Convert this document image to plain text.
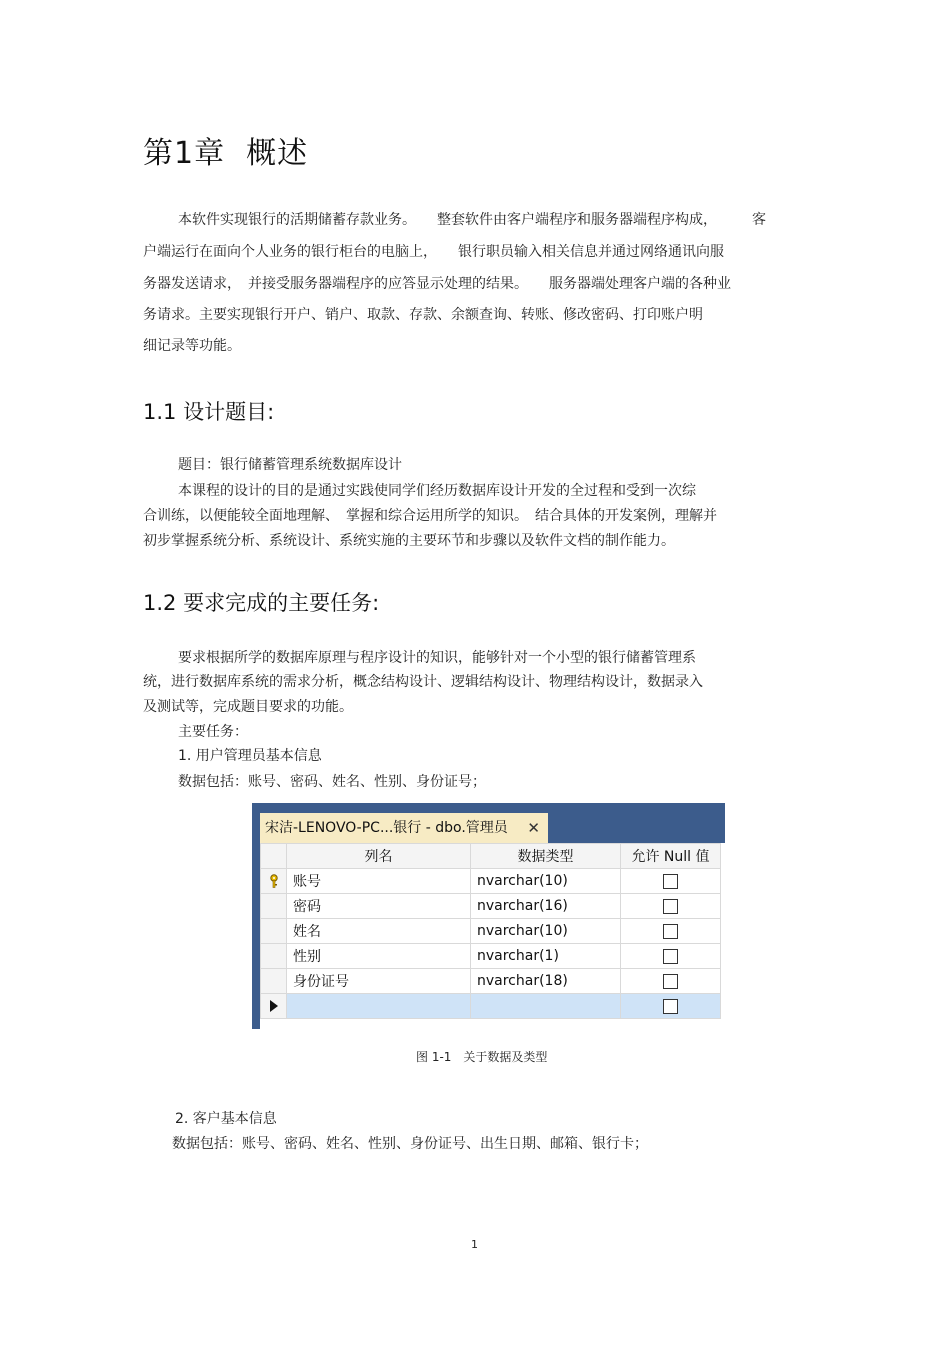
第1章 概述
本软件实现银行的活期储蓄存款业务。　　整套软件由客户端程序和服务器端程序构成，　　　客
户端运行在面向个人业务的银行柜台的电脑上，　　银行职员输入相关信息并通过网络通讯向服
务器发送请求，　并接受服务器端程序的应答显示处理的结果。　　服务器端处理客户端的各种业
务请求。主要实现银行开户、销户、取款、存款、余额查询、转账、修改密码、打印账户明
细记录等功能。
1.1 设计题目:
题目：银行储蓄管理系统数据库设计
本课程的设计的目的是通过实践使同学们经历数据库设计开发的全过程和受到一次综
合训练，以便能较全面地理解、　掌握和综合运用所学的知识。　结合具体的开发案例，理解并
初步掌握系统分析、系统设计、系统实施的主要环节和步骤以及软件文档的制作能力。
1.2 要求完成的主要任务:
要求根据所学的数据库原理与程序设计的知识，能够针对一个小型的银行储蓄管理系
统，进行数据库系统的需求分析，概念结构设计、逻辑结构设计、物理结构设计，数据录入
及测试等，完成题目要求的功能。
主要任务：
1. 用户管理员基本信息
数据包括：账号、密码、姓名、性别、身份证号；
宋洁-LENOVO-PC...银行 - dbo.管理员 ✕
	列名	数据类型	允许 Null 值
	账号	nvarchar(10)	
	密码	nvarchar(16)	
	姓名	nvarchar(10)	
	性别	nvarchar(1)	
	身份证号	nvarchar(18)	

图 1-1　关于数据及类型
2. 客户基本信息
数据包括：账号、密码、姓名、性别、身份证号、出生日期、邮箱、银行卡；
1
